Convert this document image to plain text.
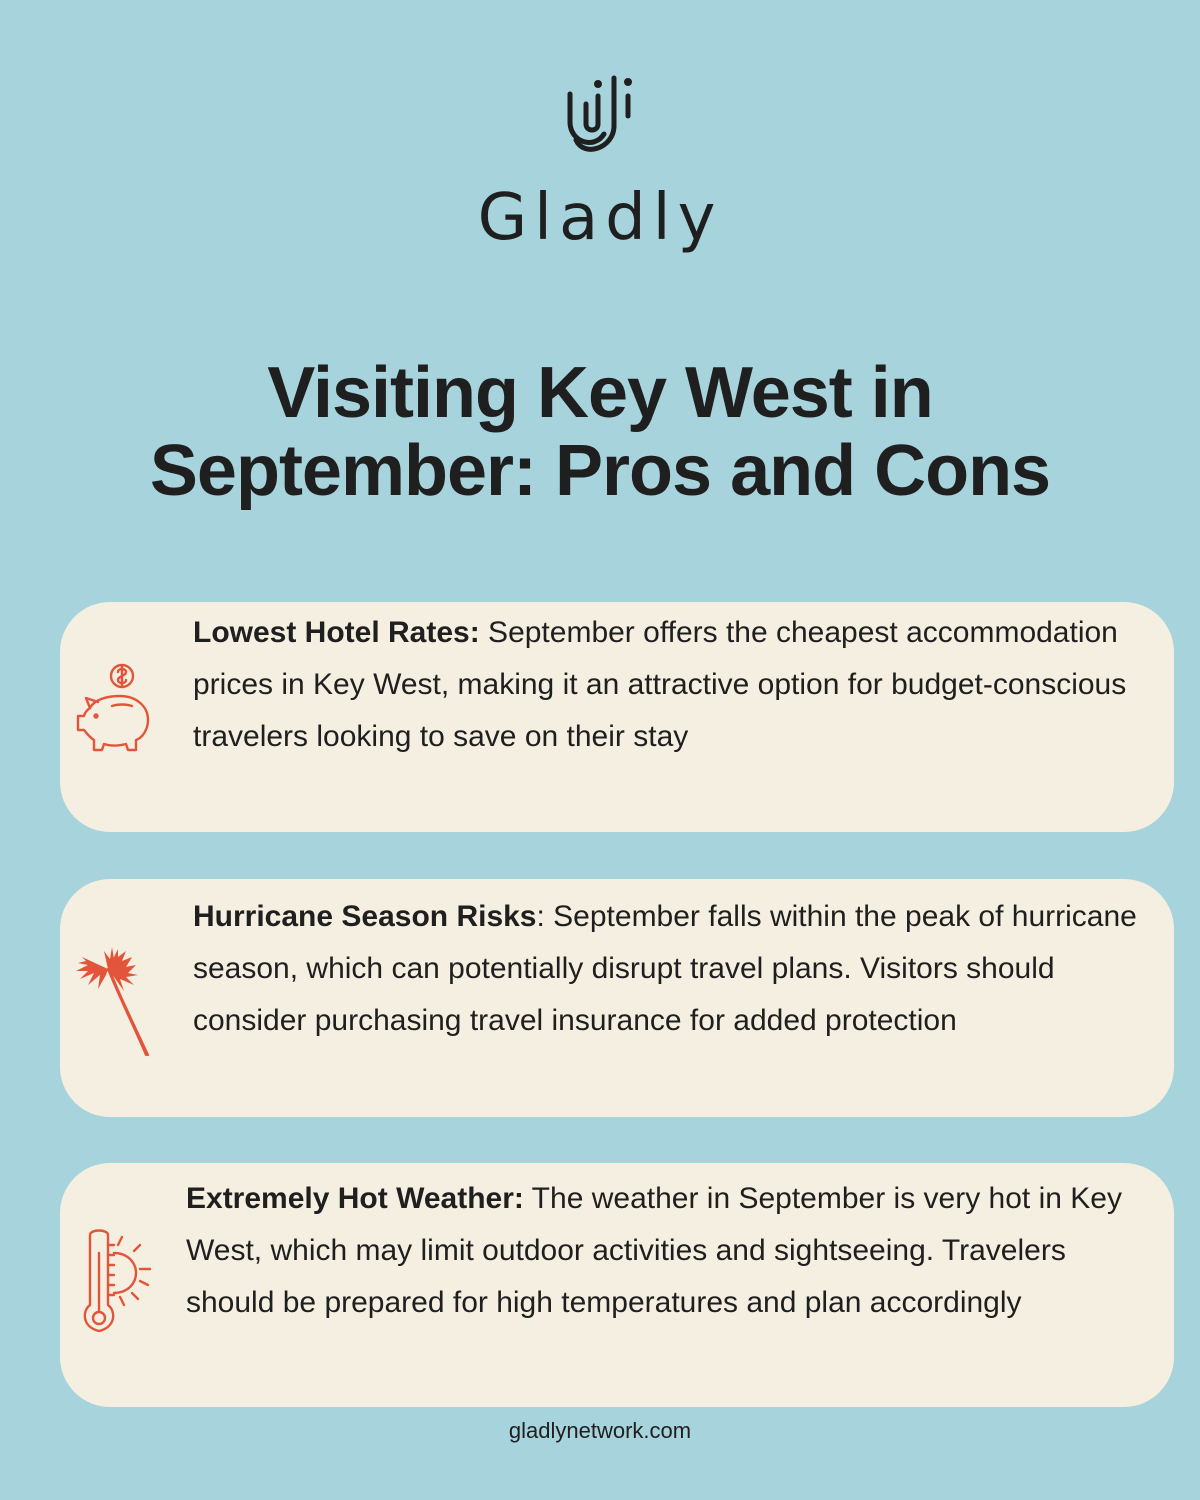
Gladly
Visiting Key West in
September: Pros and Cons

Lowest Hotel Rates: September offers the cheapest accommodation prices in Key West, making it an attractive option for budget-conscious travelers looking to save on their stay

Hurricane Season Risks: September falls within the peak of hurricane season, which can potentially disrupt travel plans. Visitors should consider purchasing travel insurance for added protection

Extremely Hot Weather: The weather in September is very hot in Key West, which may limit outdoor activities and sightseeing. Travelers should be prepared for high temperatures and plan accordingly

gladlynetwork.com
